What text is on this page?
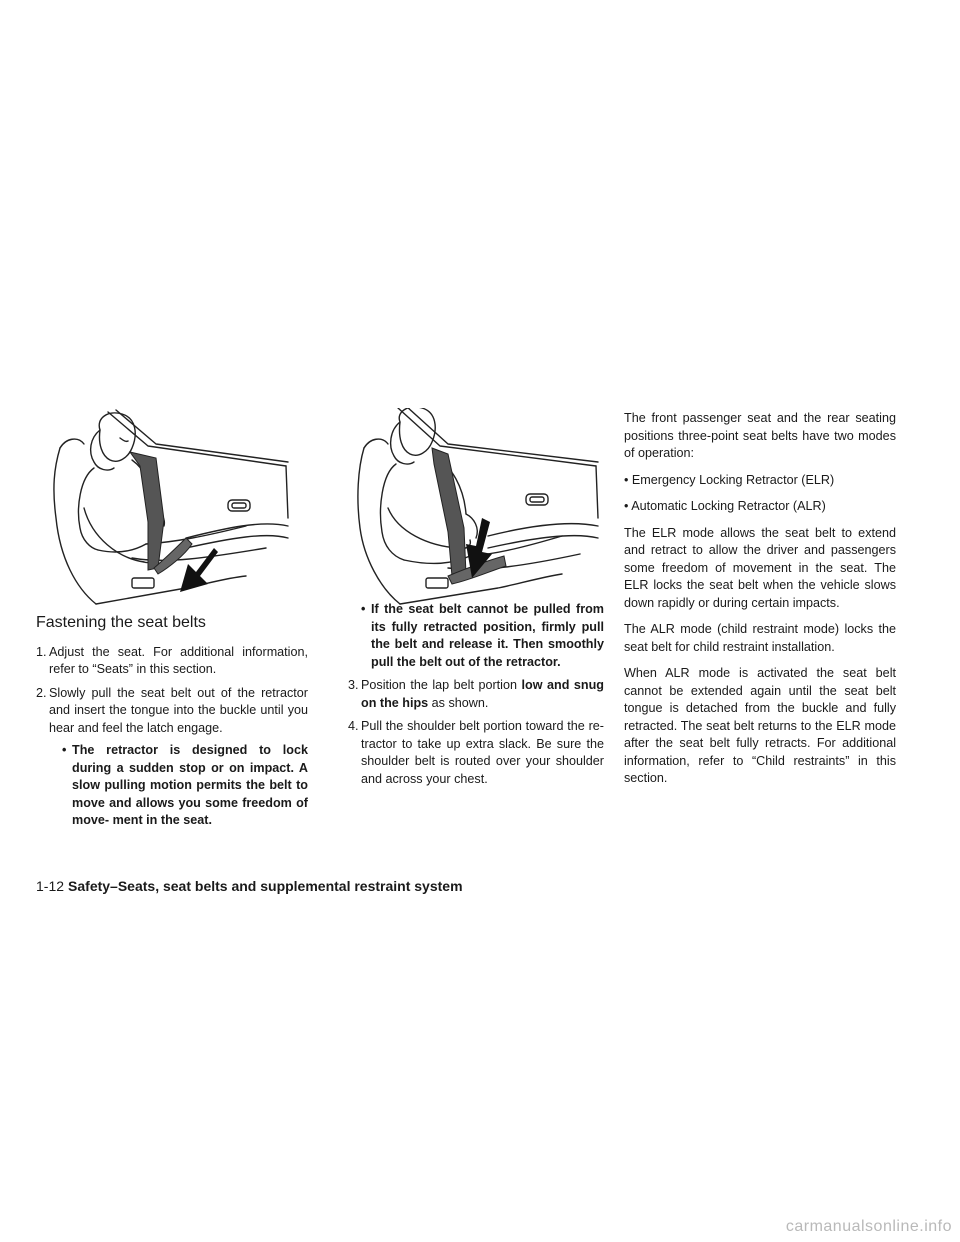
Fastening the seat belts
1. Adjust the seat. For additional information, refer to “Seats” in this section.
2. Slowly pull the seat belt out of the retractor and insert the tongue into the buckle until you hear and feel the latch engage.
• The retractor is designed to lock during a sudden stop or on impact. A slow pulling motion permits the belt to move and allows you some freedom of move- ment in the seat.
• If the seat belt cannot be pulled from its fully retracted position, firmly pull the belt and release it. Then smoothly pull the belt out of the retractor.
3. Position the lap belt portion low and snug on the hips as shown.
4. Pull the shoulder belt portion toward the re- tractor to take up extra slack. Be sure the shoulder belt is routed over your shoulder and across your chest.

The front passenger seat and the rear seating positions three-point seat belts have two modes of operation:

• Emergency Locking Retractor (ELR)

• Automatic Locking Retractor (ALR)

The ELR mode allows the seat belt to extend and retract to allow the driver and passengers some freedom of movement in the seat. The ELR locks the seat belt when the vehicle slows down rapidly or during certain impacts.

The ALR mode (child restraint mode) locks the seat belt for child restraint installation.

When ALR mode is activated the seat belt cannot be extended again until the seat belt tongue is detached from the buckle and fully retracted. The seat belt returns to the ELR mode after the seat belt fully retracts. For additional information, refer to “Child restraints” in this section.

1-12 Safety–Seats, seat belts and supplemental restraint system
carmanualsonline.info
